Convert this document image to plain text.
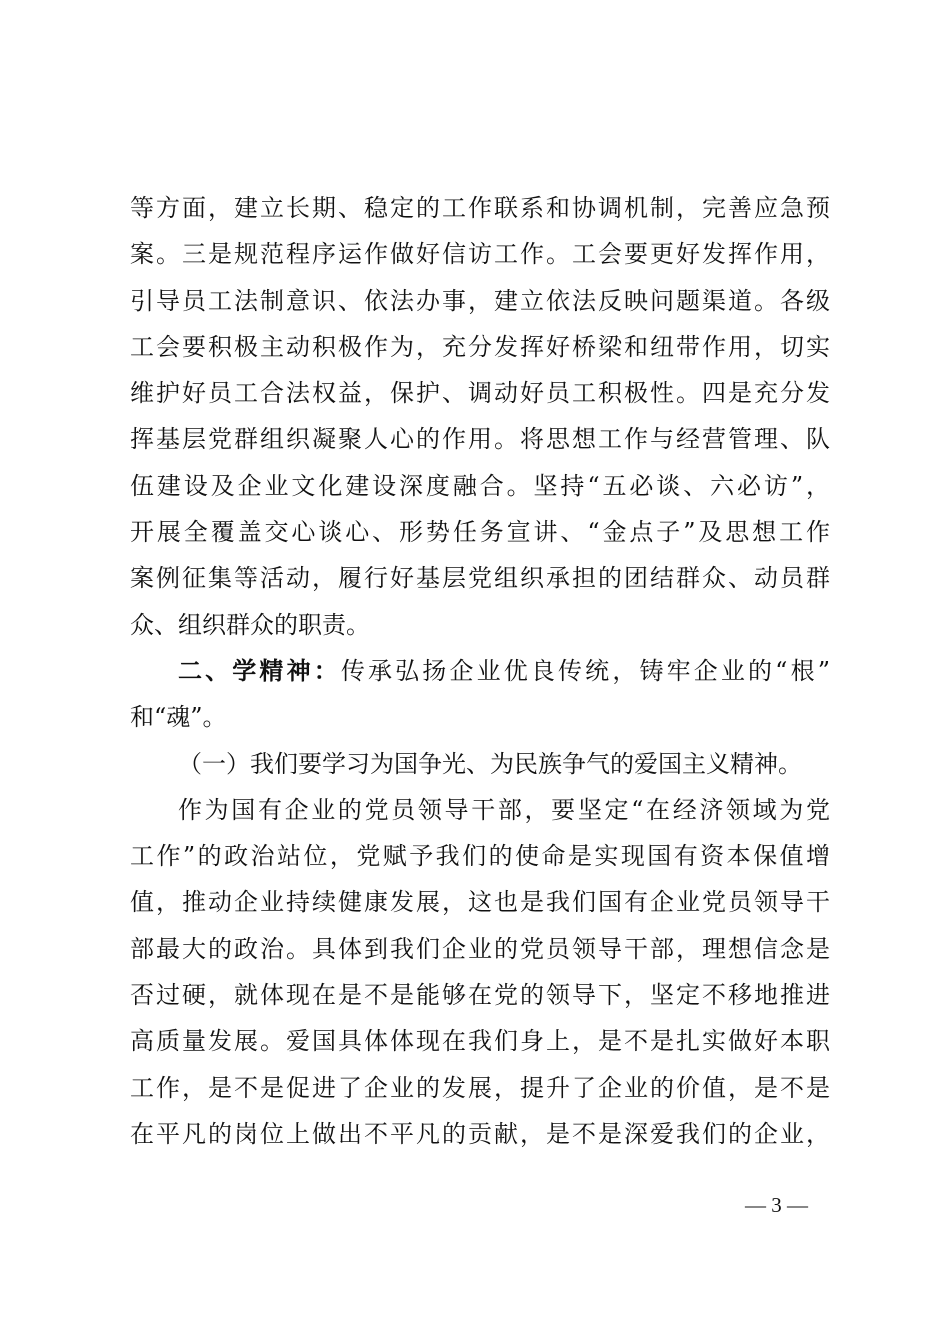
等方面，建立长期、稳定的工作联系和协调机制，完善应急预
案。三是规范程序运作做好信访工作。工会要更好发挥作用，
引导员工法制意识、依法办事，建立依法反映问题渠道。各级
工会要积极主动积极作为，充分发挥好桥梁和纽带作用，切实
维护好员工合法权益，保护、调动好员工积极性。四是充分发
挥基层党群组织凝聚人心的作用。将思想工作与经营管理、队
伍建设及企业文化建设深度融合。坚持“五必谈、六必访”，
开展全覆盖交心谈心、形势任务宣讲、“金点子”及思想工作
案例征集等活动，履行好基层党组织承担的团结群众、动员群
众、组织群众的职责。
二、学精神：传承弘扬企业优良传统，铸牢企业的“根”
和“魂”。
（一）我们要学习为国争光、为民族争气的爱国主义精神。
作为国有企业的党员领导干部，要坚定“在经济领域为党
工作”的政治站位，党赋予我们的使命是实现国有资本保值增
值，推动企业持续健康发展，这也是我们国有企业党员领导干
部最大的政治。具体到我们企业的党员领导干部，理想信念是
否过硬，就体现在是不是能够在党的领导下，坚定不移地推进
高质量发展。爱国具体体现在我们身上，是不是扎实做好本职
工作，是不是促进了企业的发展，提升了企业的价值，是不是
在平凡的岗位上做出不平凡的贡献，是不是深爱我们的企业，
— 3 —
